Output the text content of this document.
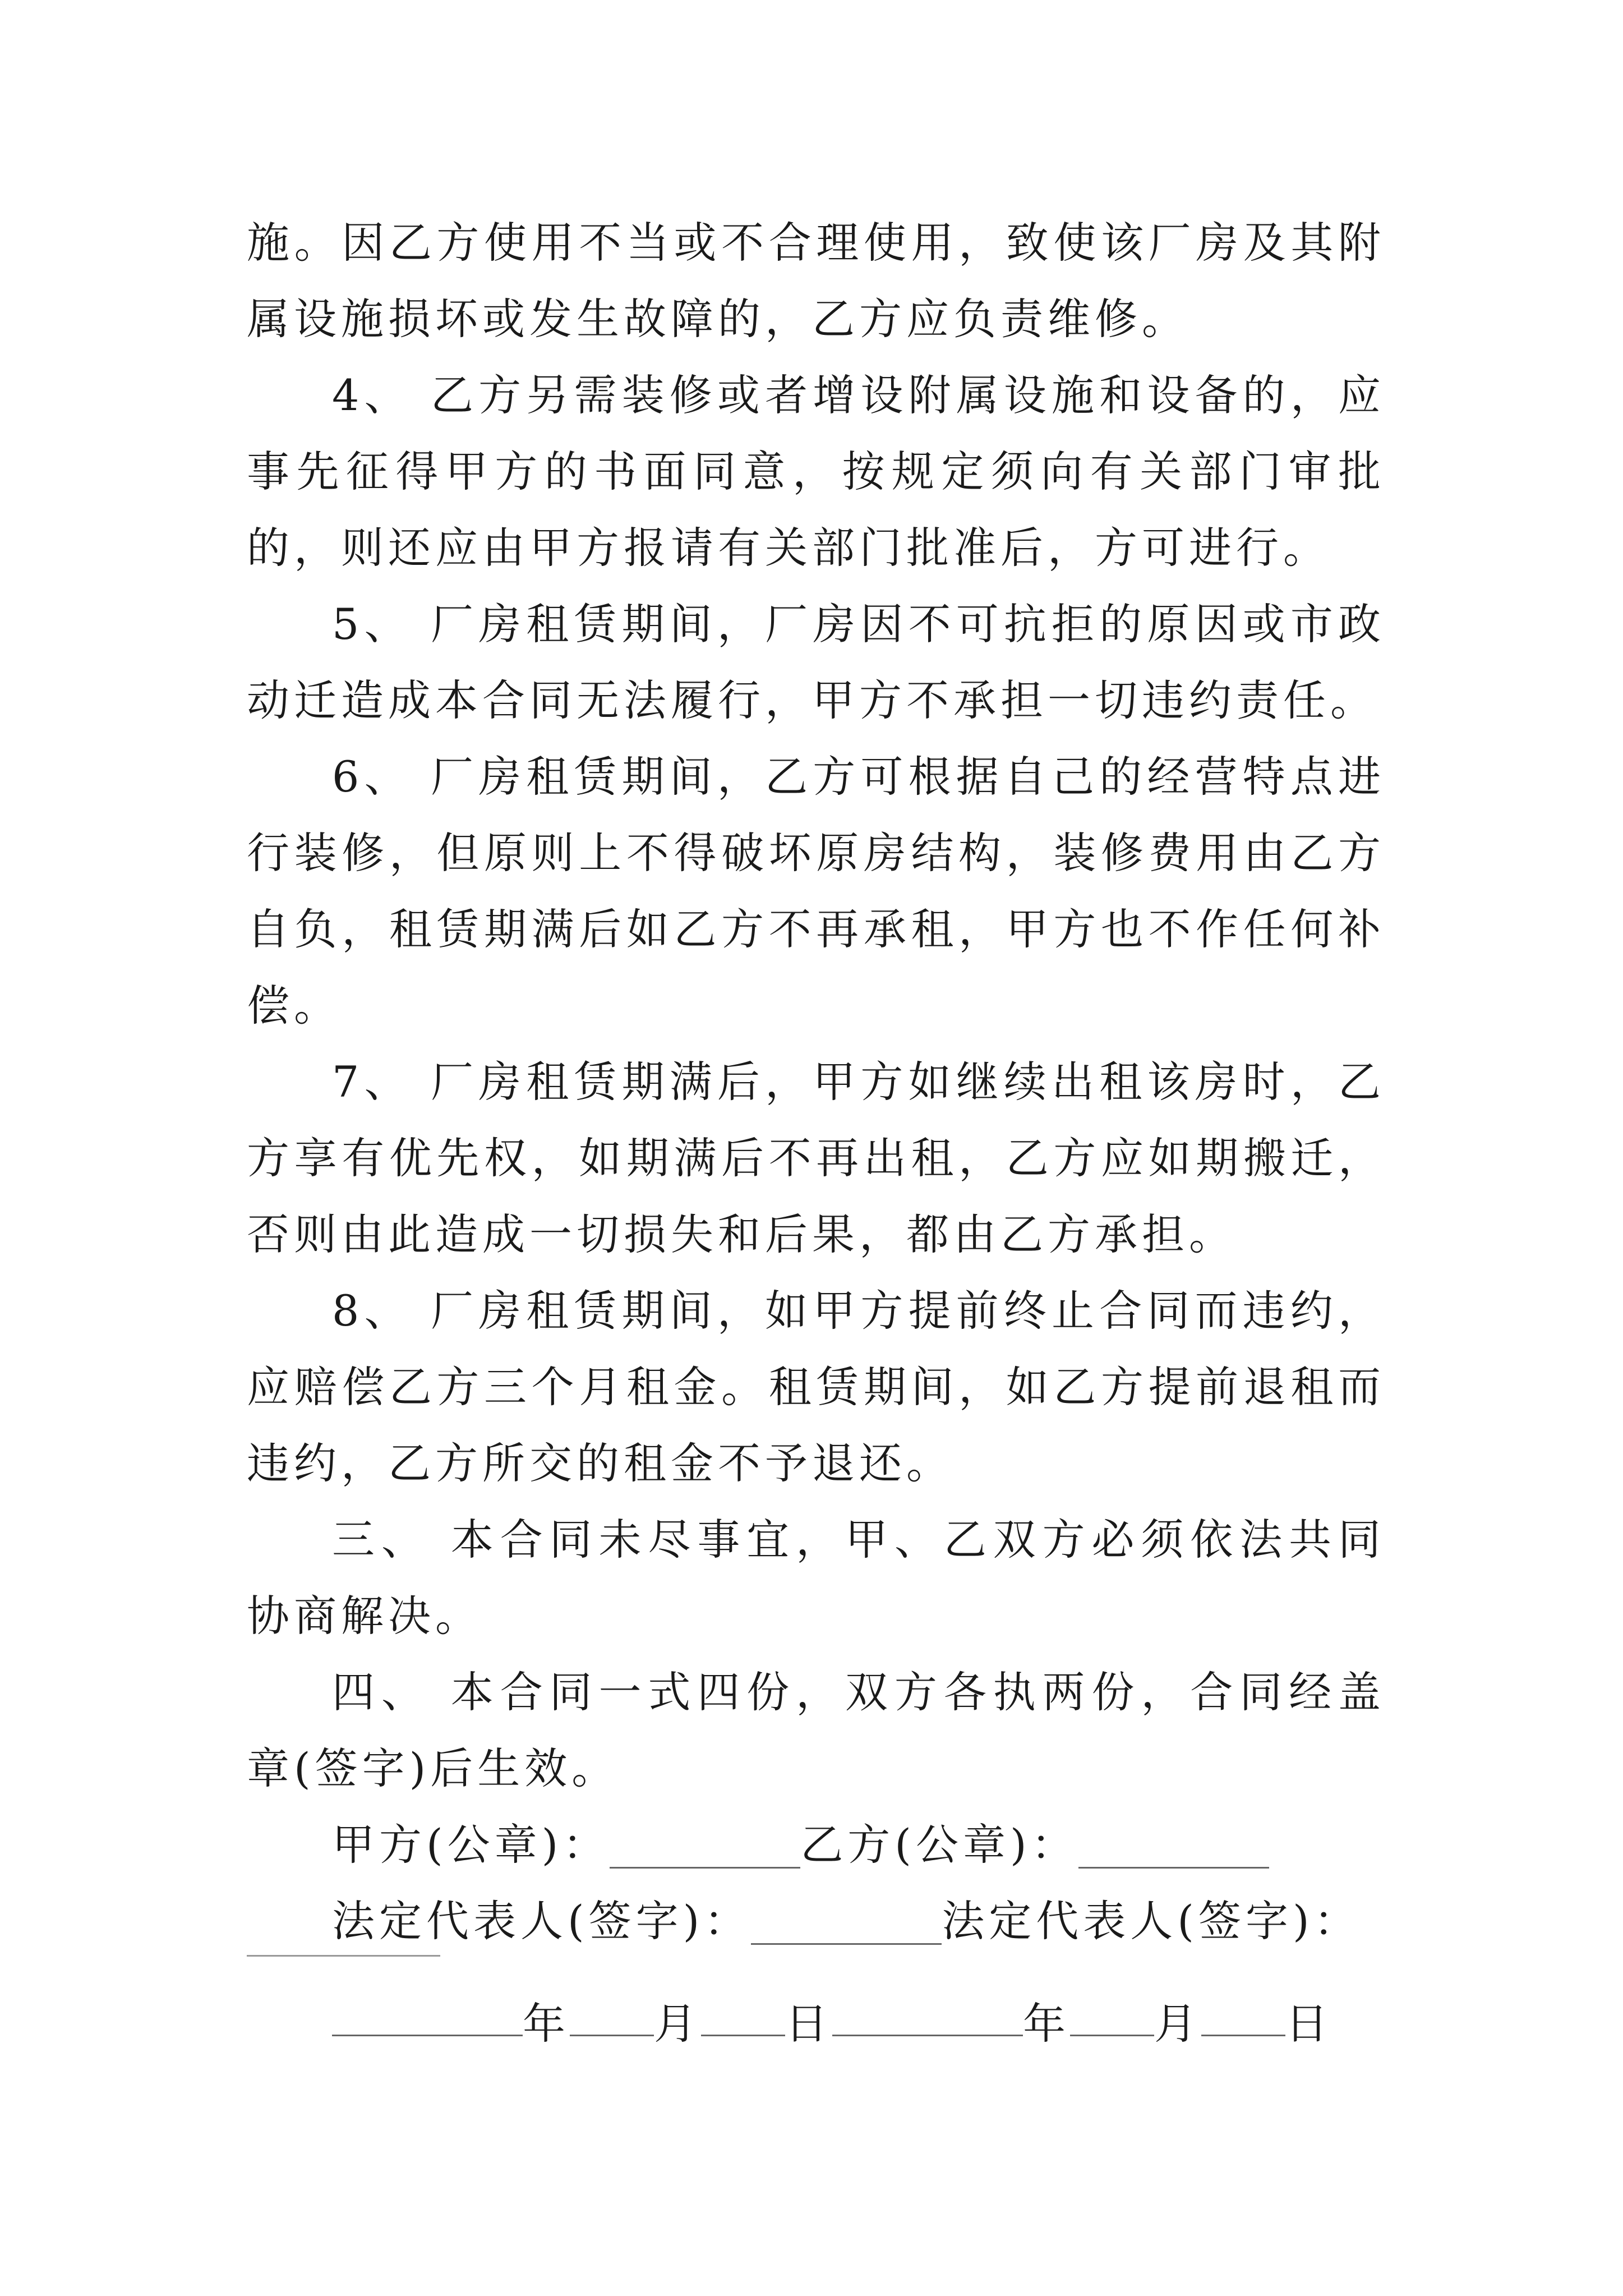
施。因乙方使用不当或不合理使用，致使该厂房及其附属设施损坏或发生故障的，乙方应负责维修。

4、 乙方另需装修或者增设附属设施和设备的，应事先征得甲方的书面同意，按规定须向有关部门审批的，则还应由甲方报请有关部门批准后，方可进行。

5、 厂房租赁期间，厂房因不可抗拒的原因或市政动迁造成本合同无法履行，甲方不承担一切违约责任。

6、 厂房租赁期间，乙方可根据自己的经营特点进行装修，但原则上不得破坏原房结构，装修费用由乙方自负，租赁期满后如乙方不再承租，甲方也不作任何补偿。

7、 厂房租赁期满后，甲方如继续出租该房时，乙方享有优先权，如期满后不再出租，乙方应如期搬迁，否则由此造成一切损失和后果，都由乙方承担。

8、 厂房租赁期间，如甲方提前终止合同而违约，应赔偿乙方三个月租金。租赁期间，如乙方提前退租而违约，乙方所交的租金不予退还。

三、 本合同未尽事宜，甲、乙双方必须依法共同协商解决。

四、 本合同一式四份，双方各执两份，合同经盖章(签字)后生效。

甲方(公章)：	乙方(公章)：
法定代表人(签字)：	法定代表人(签字)：
年 月 日	年 月 日
